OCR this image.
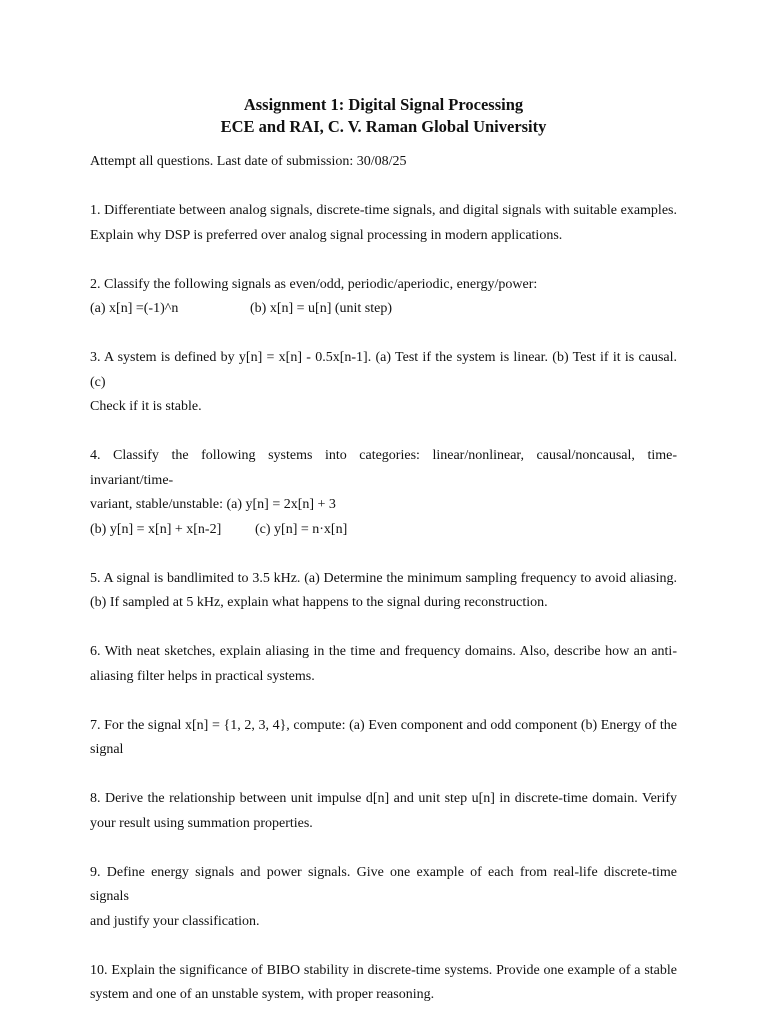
Assignment 1: Digital Signal Processing

ECE and RAI, C. V. Raman Global University

Attempt all questions. Last date of submission: 30/08/25

1. Differentiate between analog signals, discrete-time signals, and digital signals with suitable examples.
Explain why DSP is preferred over analog signal processing in modern applications.
2. Classify the following signals as even/odd, periodic/aperiodic, energy/power:
(a) x[n] =(-1)^n	(b) x[n] = u[n] (unit step)
3. A system is defined by y[n] = x[n] - 0.5x[n-1]. (a) Test if the system is linear. (b) Test if it is causal. (c)
Check if it is stable.
4. Classify the following systems into categories: linear/nonlinear, causal/noncausal, time-invariant/time-
variant, stable/unstable: (a) y[n] = 2x[n] + 3
(b) y[n] = x[n] + x[n-2]	(c) y[n] = n·x[n]
5. A signal is bandlimited to 3.5 kHz. (a) Determine the minimum sampling frequency to avoid aliasing.
(b) If sampled at 5 kHz, explain what happens to the signal during reconstruction.
6. With neat sketches, explain aliasing in the time and frequency domains. Also, describe how an anti-
aliasing filter helps in practical systems.
7. For the signal x[n] = {1, 2, 3, 4}, compute: (a) Even component and odd component (b) Energy of the
signal
8. Derive the relationship between unit impulse d[n] and unit step u[n] in discrete-time domain. Verify
your result using summation properties.
9. Define energy signals and power signals. Give one example of each from real-life discrete-time signals
and justify your classification.
10. Explain the significance of BIBO stability in discrete-time systems. Provide one example of a stable
system and one of an unstable system, with proper reasoning.
